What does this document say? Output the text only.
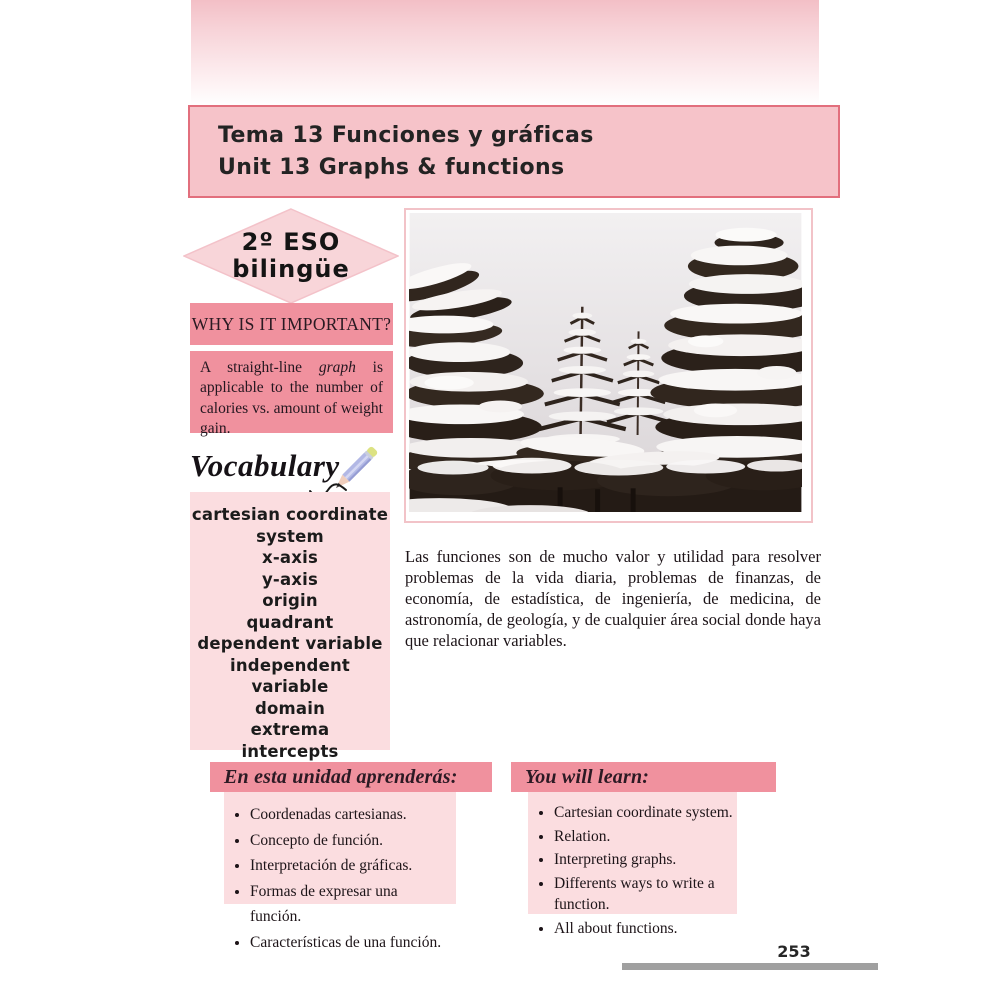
Tema 13 Funciones y gráficas
Unit 13 Graphs & functions
2º ESO
bilingüe
WHY IS IT IMPORTANT?
A straight-line graph is applicable to the number of calories vs. amount of weight gain.
Vocabulary
cartesian coordinate system
x-axis
y-axis
origin
quadrant
dependent variable
independent variable
domain
extrema
intercepts
Las funciones son de mucho valor y utilidad para resolver problemas de la vida diaria, problemas de finanzas, de economía, de estadística, de ingeniería, de medicina, de astronomía, de geología, y de cualquier área social donde haya que relacionar variables.
En esta unidad aprenderás:
• Coordenadas cartesianas.
• Concepto de función.
• Interpretación de gráficas.
• Formas de expresar una función.
• Características de una función.
You will learn:
• Cartesian coordinate system.
• Relation.
• Interpreting graphs.
• Differents ways to write a function.
• All about functions.
253
